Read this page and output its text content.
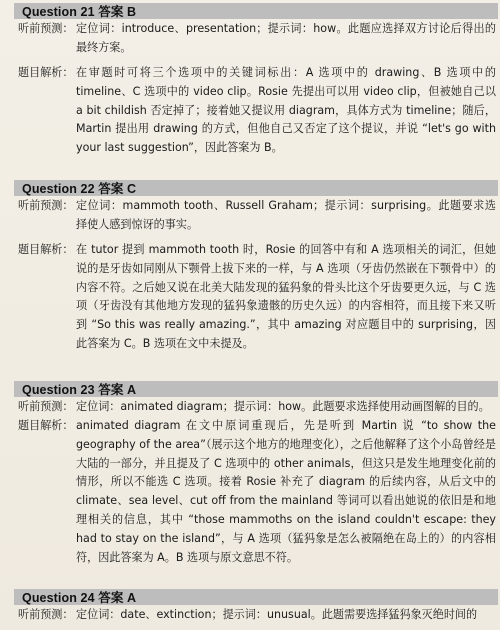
Question 21 答案 B
听前预测： 定位词：introduce、presentation；提示词：how。此题应选择双方讨论后得出的最终方案。
题目解析： 在审题时可将三个选项中的关键词标出：A 选项中的 drawing、B 选项中的 timeline、C 选项中的 video clip。Rosie 先提出可以用 video clip，但被她自己以 a bit childish 否定掉了；接着她又提议用 diagram，具体方式为 timeline；随后，Martin 提出用 drawing 的方式，但他自己又否定了这个提议，并说 “let's go with your last suggestion”，因此答案为 B。
Question 22 答案 C
听前预测： 定位词：mammoth tooth、Russell Graham；提示词：surprising。此题要求选择使人感到惊讶的事实。
题目解析： 在 tutor 提到 mammoth tooth 时，Rosie 的回答中有和 A 选项相关的词汇，但她说的是牙齿如同刚从下颚骨上拔下来的一样，与 A 选项（牙齿仍然嵌在下颚骨中）的内容不符。之后她又说在北美大陆发现的猛犸象的骨头比这个牙齿要更久远，与 C 选项（牙齿没有其他地方发现的猛犸象遗骸的历史久远）的内容相符，而且接下来又听到 “So this was really amazing.”，其中 amazing 对应题目中的 surprising，因此答案为 C。B 选项在文中未提及。
Question 23 答案 A
听前预测： 定位词：animated diagram；提示词：how。此题要求选择使用动画图解的目的。
题目解析： animated diagram 在文中原词重现后，先是听到 Martin 说 “to show the geography of the area”（展示这个地方的地理变化），之后他解释了这个小岛曾经是大陆的一部分，并且提及了 C 选项中的 other animals，但这只是发生地理变化前的情形，所以不能选 C 选项。接着 Rosie 补充了 diagram 的后续内容，从后文中的 climate、sea level、cut off from the mainland 等词可以看出她说的依旧是和地理相关的信息，其中 “those mammoths on the island couldn't escape: they had to stay on the island”，与 A 选项（猛犸象是怎么被隔绝在岛上的）的内容相符，因此答案为 A。B 选项与原文意思不符。
Question 24 答案 A
听前预测： 定位词：date、extinction；提示词：unusual。此题需要选择猛犸象灭绝时间的
